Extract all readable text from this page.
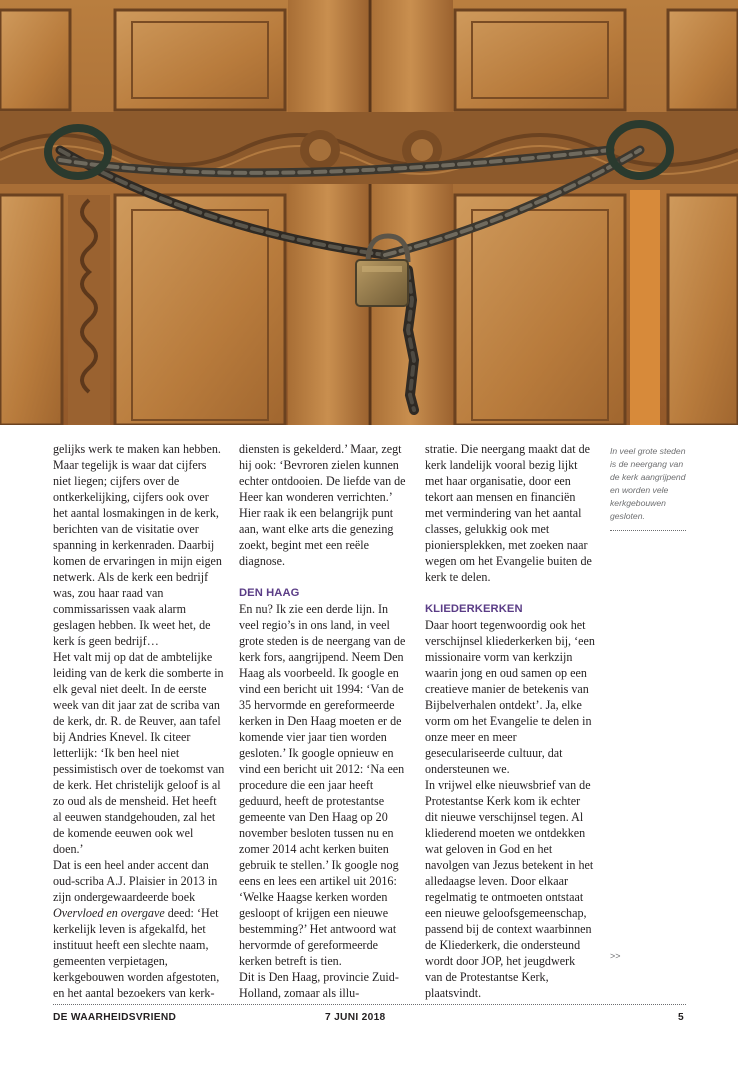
gelijks werk te maken kan hebben. Maar tegelijk is waar dat cijfers niet liegen; cijfers over de ontkerkelijking, cijfers ook over het aantal losmakingen in de kerk, berichten van de visitatie over spanning in kerkenraden. Daarbij komen de ervaringen in mijn eigen netwerk. Als de kerk een bedrijf was, zou haar raad van commissarissen vaak alarm geslagen hebben. Ik weet het, de kerk ís geen bedrijf…

Het valt mij op dat de ambtelijke leiding van de kerk die somberte in elk geval niet deelt. In de eerste week van dit jaar zat de scriba van de kerk, dr. R. de Reuver, aan tafel bij Andries Knevel. Ik citeer letterlijk: ‘Ik ben heel niet pessimistisch over de toekomst van de kerk. Het christelijk geloof is al zo oud als de mensheid. Het heeft al eeuwen standgehouden, zal het de komende eeuwen ook wel doen.’

Dat is een heel ander accent dan oud-scriba A.J. Plaisier in 2013 in zijn ondergewaardeerde boek Overvloed en overgave deed: ‘Het kerkelijk leven is afgekalfd, het instituut heeft een slechte naam, gemeenten verpietagen, kerkgebouwen worden afgestoten, en het aantal bezoekers van kerk-

diensten is gekelderd.’ Maar, zegt hij ook: ‘Bevroren zielen kunnen echter ontdooien. De liefde van de Heer kan wonderen verrichten.’ Hier raak ik een belangrijk punt aan, want elke arts die genezing zoekt, begint met een reële diagnose.

DEN HAAG

En nu? Ik zie een derde lijn. In veel regio’s in ons land, in veel grote steden is de neergang van de kerk fors, aangrijpend. Neem Den Haag als voorbeeld. Ik google en vind een bericht uit 1994: ‘Van de 35 hervormde en gereformeerde kerken in Den Haag moeten er de komende vier jaar tien worden gesloten.’ Ik google opnieuw en vind een bericht uit 2012: ‘Na een procedure die een jaar heeft geduurd, heeft de protestantse gemeente van Den Haag op 20 november besloten tussen nu en zomer 2014 acht kerken buiten gebruik te stellen.’ Ik google nog eens en lees een artikel uit 2016: ‘Welke Haagse kerken worden gesloopt of krijgen een nieuwe bestemming?’ Het antwoord wat hervormde of gereformeerde kerken betreft is tien.

Dit is Den Haag, provincie Zuid-Holland, zomaar als illu-

stratie. Die neergang maakt dat de kerk landelijk vooral bezig lijkt met haar organisatie, door een tekort aan mensen en financiën met vermindering van het aantal classes, gelukkig ook met pioniersplekken, met zoeken naar wegen om het Evangelie buiten de kerk te delen.

KLIEDERKERKEN

Daar hoort tegenwoordig ook het verschijnsel kliederkerken bij, ‘een missionaire vorm van kerkzijn waarin jong en oud samen op een creatieve manier de betekenis van Bijbelverhalen ontdekt’. Ja, elke vorm om het Evangelie te delen in onze meer en meer geseculariseerde cultuur, dat ondersteunen we.

In vrijwel elke nieuwsbrief van de Protestantse Kerk kom ik echter dit nieuwe verschijnsel tegen. Al kliederend moeten we ontdekken wat geloven in God en het navolgen van Jezus betekent in het alledaagse leven. Door elkaar regelmatig te ontmoeten ontstaat een nieuwe geloofsgemeenschap, passend bij de context waarbinnen de Kliederkerk, die ondersteund wordt door JOP, het jeugdwerk van de Protestantse Kerk, plaatsvindt.

In veel grote steden is de neergang van de kerk aangrijpend en worden vele kerkgebouwen gesloten.
>>
DE WAARHEIDSVRIEND	7 JUNI 2018	5
